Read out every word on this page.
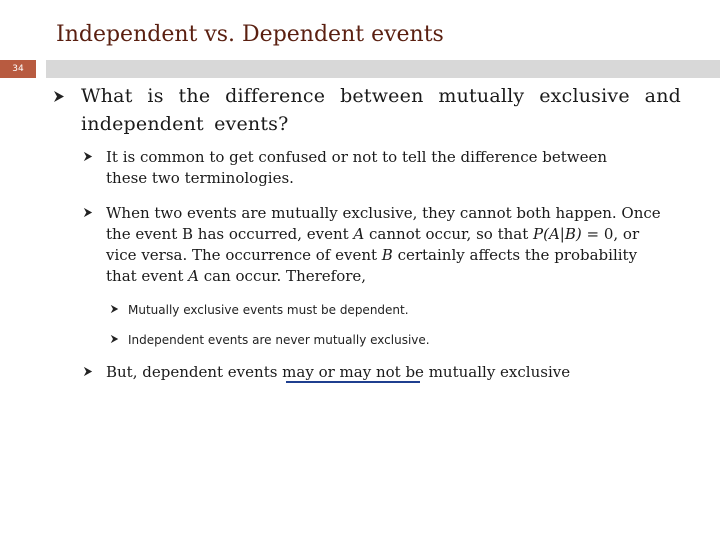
Independent vs. Dependent events
34
What is the difference between mutually exclusive and independent events?
It is common to get confused or not to tell the difference between these two terminologies.
When two events are mutually exclusive, they cannot both happen. Once the event B has occurred, event A cannot occur, so that P(A|B) = 0, or vice versa. The occurrence of event B certainly affects the probability that event A can occur. Therefore,
Mutually exclusive events must be dependent.
Independent events are never mutually exclusive.
But, dependent events may or may not be mutually exclusive
